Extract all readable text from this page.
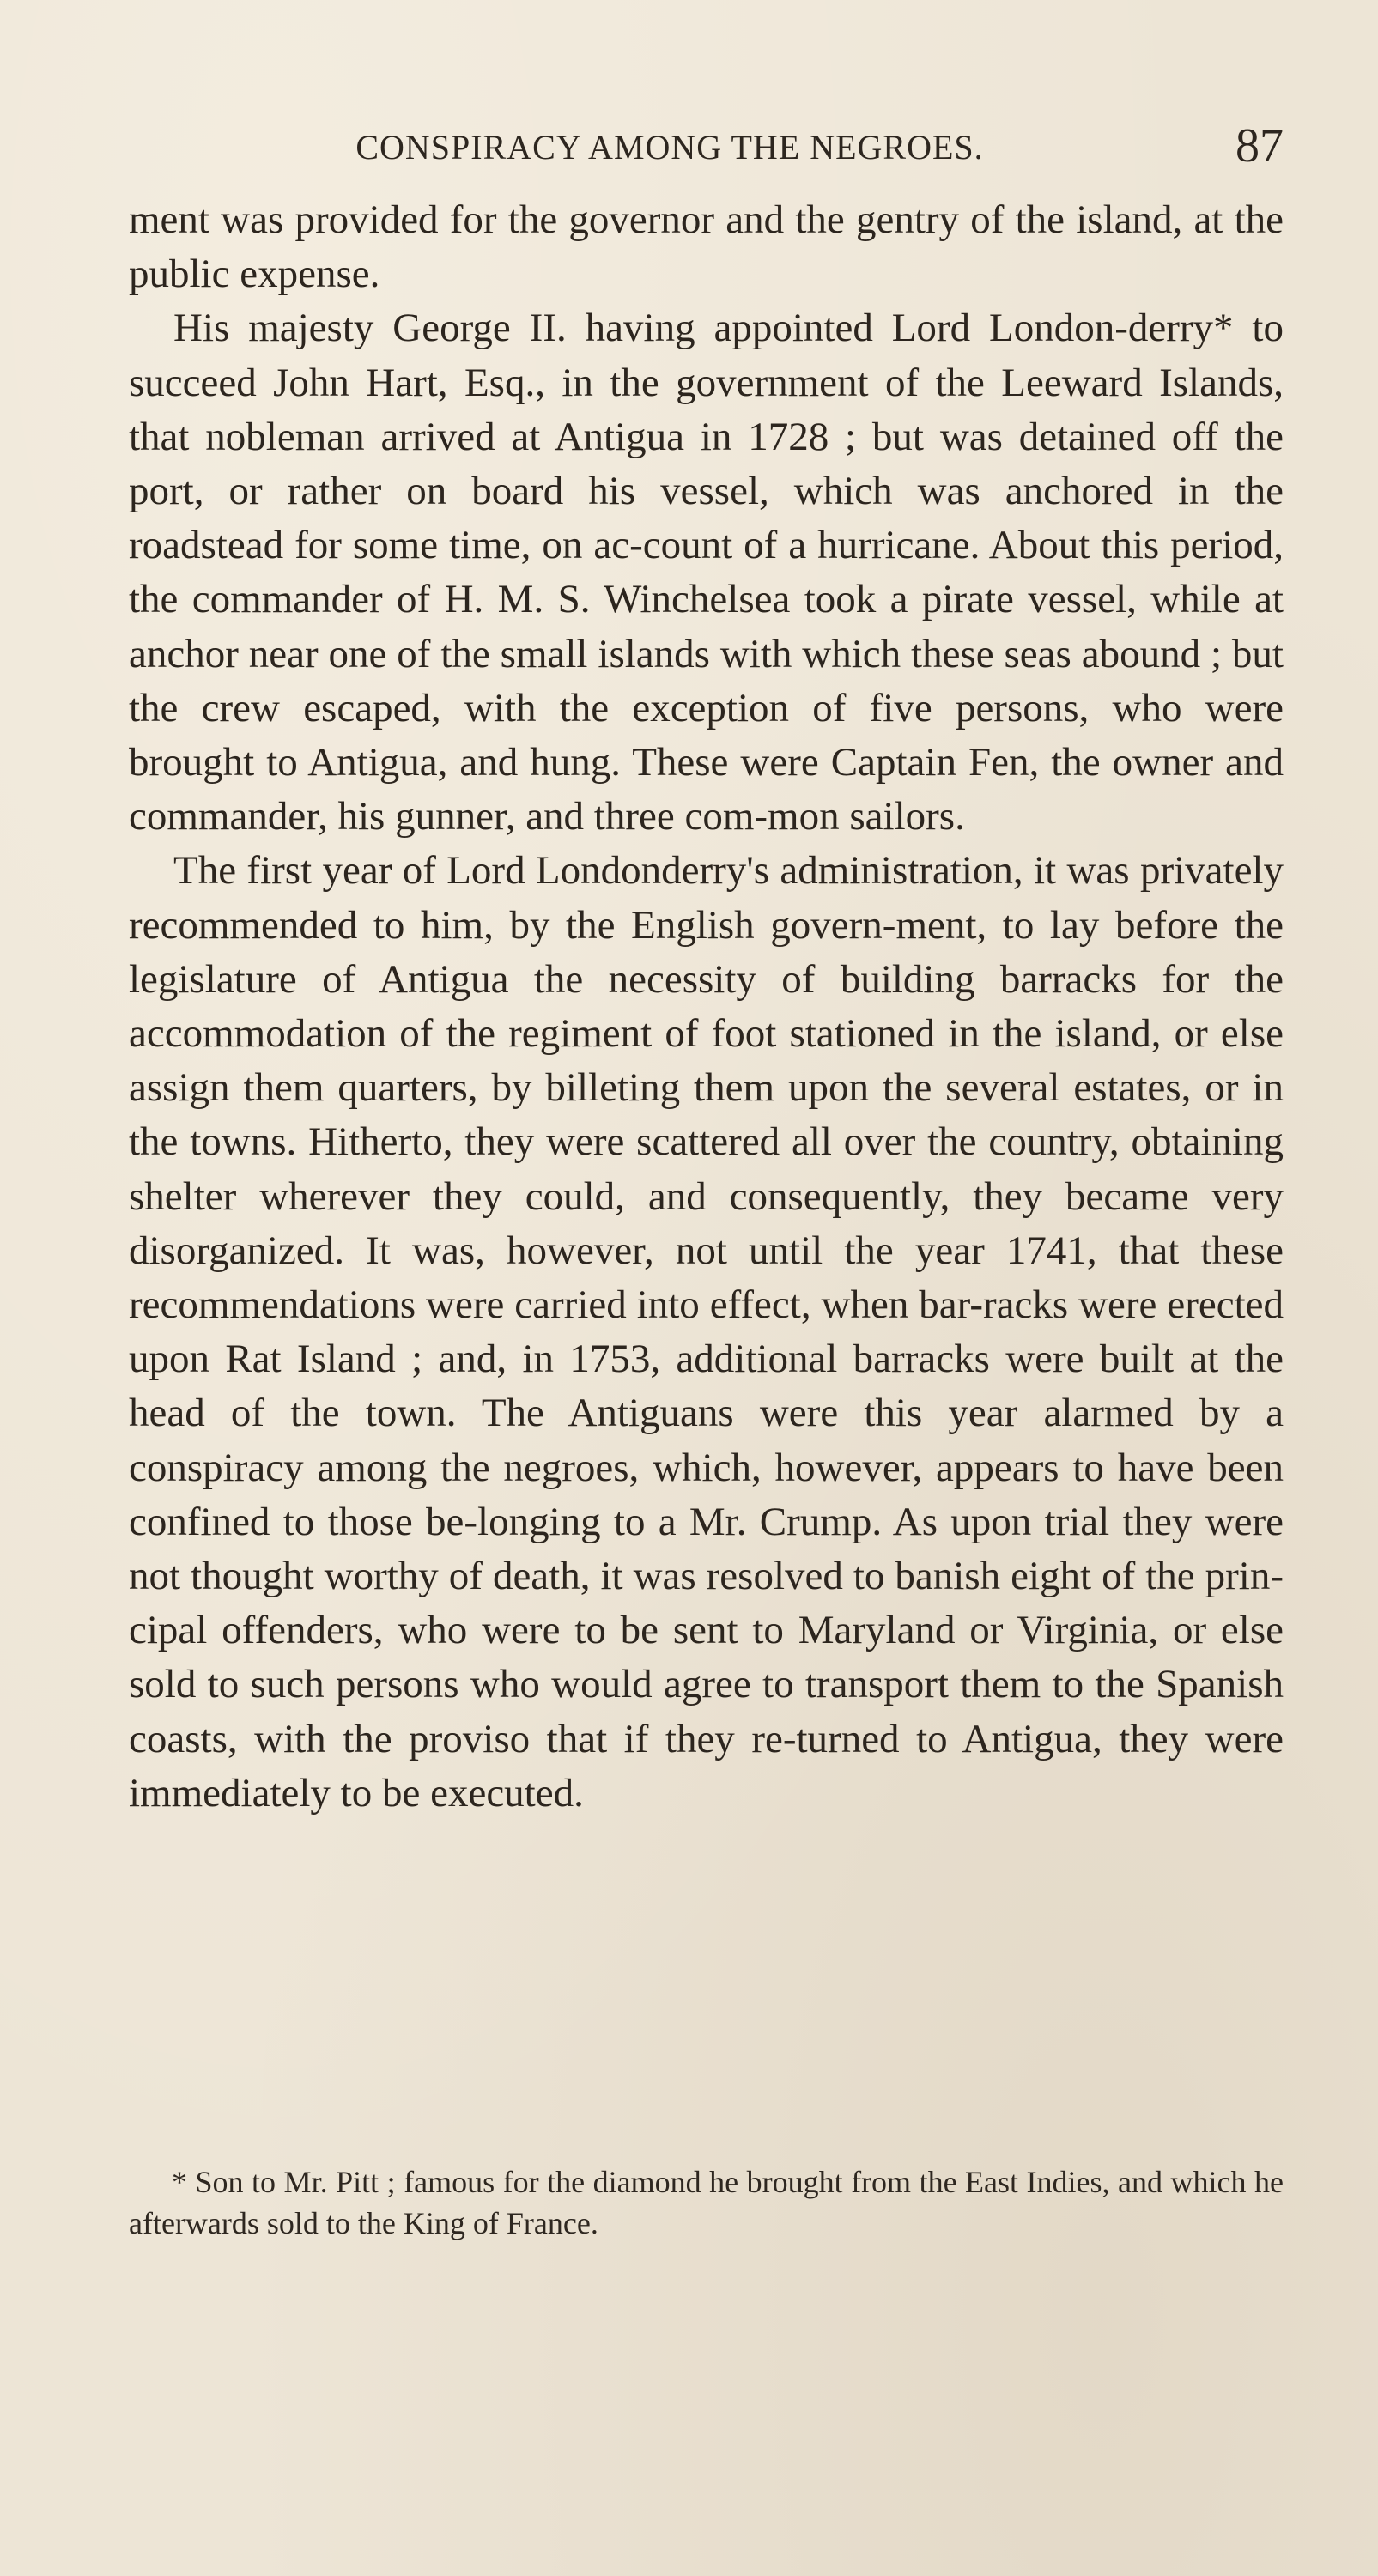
CONSPIRACY AMONG THE NEGROES.	87

ment was provided for the governor and the gentry of the island, at the public expense.

His majesty George II. having appointed Lord London-derry* to succeed John Hart, Esq., in the government of the Leeward Islands, that nobleman arrived at Antigua in 1728 ; but was detained off the port, or rather on board his vessel, which was anchored in the roadstead for some time, on ac-count of a hurricane. About this period, the commander of H. M. S. Winchelsea took a pirate vessel, while at anchor near one of the small islands with which these seas abound ; but the crew escaped, with the exception of five persons, who were brought to Antigua, and hung. These were Captain Fen, the owner and commander, his gunner, and three com-mon sailors.

The first year of Lord Londonderry's administration, it was privately recommended to him, by the English govern-ment, to lay before the legislature of Antigua the necessity of building barracks for the accommodation of the regiment of foot stationed in the island, or else assign them quarters, by billeting them upon the several estates, or in the towns. Hitherto, they were scattered all over the country, obtaining shelter wherever they could, and consequently, they became very disorganized. It was, however, not until the year 1741, that these recommendations were carried into effect, when bar-racks were erected upon Rat Island ; and, in 1753, additional barracks were built at the head of the town. The Antiguans were this year alarmed by a conspiracy among the negroes, which, however, appears to have been confined to those be-longing to a Mr. Crump. As upon trial they were not thought worthy of death, it was resolved to banish eight of the prin-cipal offenders, who were to be sent to Maryland or Virginia, or else sold to such persons who would agree to transport them to the Spanish coasts, with the proviso that if they re-turned to Antigua, they were immediately to be executed.

* Son to Mr. Pitt ; famous for the diamond he brought from the East Indies, and which he afterwards sold to the King of France.
